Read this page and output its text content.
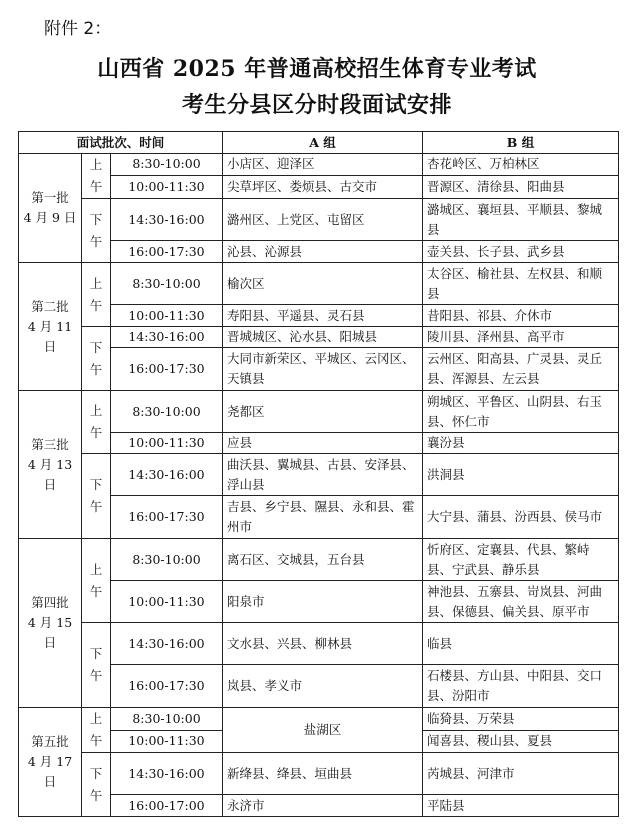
附件 2：
山西省 2025 年普通高校招生体育专业考试
考生分县区分时段面试安排
面试批次、时间			A 组	B 组
第一批
4 月 9 日	上午	8:30-10:00	小店区、迎泽区	杏花岭区、万柏林区
		10:00-11:30	尖草坪区、娄烦县、古交市	晋源区、清徐县、阳曲县
	下午	14:30-16:00	潞州区、上党区、屯留区	潞城区、襄垣县、平顺县、黎城县
		16:00-17:30	沁县、沁源县	壶关县、长子县、武乡县
第二批
4 月 11 日	上午	8:30-10:00	榆次区	太谷区、榆社县、左权县、和顺县
		10:00-11:30	寿阳县、平遥县、灵石县	昔阳县、祁县、介休市
	下午	14:30-16:00	晋城城区、沁水县、阳城县	陵川县、泽州县、高平市
		16:00-17:30	大同市新荣区、平城区、云冈区、天镇县	云州区、阳高县、广灵县、灵丘县、浑源县、左云县
第三批
4 月 13 日	上午	8:30-10:00	尧都区	朔城区、平鲁区、山阴县、右玉县、怀仁市
		10:00-11:30	应县	襄汾县
	下午	14:30-16:00	曲沃县、翼城县、古县、安泽县、浮山县	洪洞县
		16:00-17:30	吉县、乡宁县、隰县、永和县、霍州市	大宁县、蒲县、汾西县、侯马市
第四批
4 月 15 日	上午	8:30-10:00	离石区、交城县，五台县	忻府区、定襄县、代县、繁峙县、宁武县、静乐县
		10:00-11:30	阳泉市	神池县、五寨县、岢岚县、河曲县、保德县、偏关县、原平市
	下午	14:30-16:00	文水县、兴县、柳林县	临县
		16:00-17:30	岚县、孝义市	石楼县、方山县、中阳县、交口县、汾阳市
第五批
4 月 17 日	上午	8:30-10:00	盐湖区	临猗县、万荣县
		10:00-11:30		闻喜县、稷山县、夏县
	下午	14:30-16:00	新绛县、绛县、垣曲县	芮城县、河津市
		16:00-17:00	永济市	平陆县
